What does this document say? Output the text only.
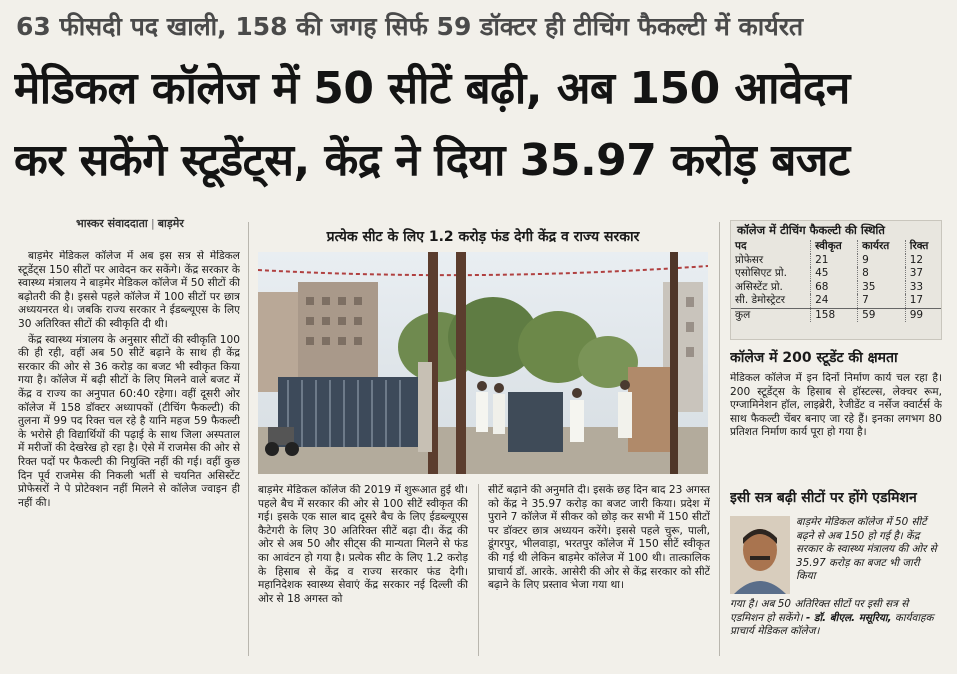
63 फीसदी पद खाली, 158 की जगह सिर्फ 59 डॉक्टर ही टीचिंग फैकल्टी में कार्यरत
मेडिकल कॉलेज में 50 सीटें बढ़ी, अब 150 आवेदन
कर सकेंगे स्टूडेंट्स, केंद्र ने दिया 35.97 करोड़ बजट
भास्कर संवाददाता | बाड़मेर

बाड़मेर मेडिकल कॉलेज में अब इस सत्र से मेडिकल स्टूडेंट्स 150 सीटों पर आवेदन कर सकेंगे। केंद्र सरकार के स्वास्थ्य मंत्रालय ने बाड़मेर मेडिकल कॉलेज में 50 सीटों की बढ़ोतरी की है। इससे पहले कॉलेज में 100 सीटों पर छात्र अध्ययनरत थे। जबकि राज्य सरकार ने ईडब्ल्यूएस के लिए 30 अतिरिक्त सीटों की स्वीकृति दी थी।

केंद्र स्वास्थ्य मंत्रालय के अनुसार सीटों की स्वीकृति 100 की ही रही, वहीं अब 50 सीटें बढ़ाने के साथ ही केंद्र सरकार की ओर से 36 करोड़ का बजट भी स्वीकृत किया गया है। कॉलेज में बढ़ी सीटों के लिए मिलने वाले बजट में केंद्र व राज्य का अनुपात 60:40 रहेगा। वहीं दूसरी ओर कॉलेज में 158 डॉक्टर अध्यापकों (टीचिंग फैकल्टी) की तुलना में 99 पद रिक्त चल रहे है यानि महज 59 फैकल्टी के भरोसे ही विद्यार्थियों की पढ़ाई के साथ जिला अस्पताल में मरीजों की देखरेख हो रहा है। ऐसे में राजमेस की ओर से रिक्त पदों पर फैकल्टी की नियुक्ति नहीं की गई। वहीं कुछ दिन पूर्व राजमेस की निकली भर्ती से चयनित असिस्टेंट प्रोफेसरों ने पे प्रोटेक्शन नहीं मिलने से कॉलेज ज्वाइन ही नहीं की।

प्रत्येक सीट के लिए 1.2 करोड़ फंड देगी केंद्र व राज्य सरकार

बाड़मेर मेडिकल कॉलेज की 2019 में शुरूआत हुई थी। पहले बैच में सरकार की ओर से 100 सीटें स्वीकृत की गई। इसके एक साल बाद दूसरे बैच के लिए ईडब्ल्यूएस कैटेगरी के लिए 30 अतिरिक्त सीटें बढ़ा दी। केंद्र की ओर से अब 50 और सीट्स की मान्यता मिलने से फंड का आवंटन हो गया है। प्रत्येक सीट के लिए 1.2 करोड़ के हिसाब से केंद्र व राज्य सरकार फंड देगी। महानिदेशक स्वास्थ्य सेवाएं केंद्र सरकार नई दिल्ली की ओर से 18 अगस्त को

सीटें बढ़ाने की अनुमति दी। इसके छह दिन बाद 23 अगस्त को केंद्र ने 35.97 करोड़ का बजट जारी किया। प्रदेश में पुराने 7 कॉलेज में सीकर को छोड़ कर सभी में 150 सीटों पर डॉक्टर छात्र अध्ययन करेंगे। इससे पहले चुरू, पाली, डूंगरपुर, भीलवाड़ा, भरतपुर कॉलेज में 150 सीटें स्वीकृत की गई थी लेकिन बाड़मेर कॉलेज में 100 थी। तात्कालिक प्राचार्य डॉ. आरके. आसेरी की ओर से केंद्र सरकार को सीटें बढ़ाने के लिए प्रस्ताव भेजा गया था।

कॉलेज में टीचिंग फैकल्टी की स्थिति
पद	स्वीकृत	कार्यरत	रिक्त
प्रोफेसर	21	9	12
एसोसिएट प्रो.	45	8	37
असिस्टेंट प्रो.	68	35	33
सी. डेमोस्ट्रेटर	24	7	17
कुल	158	59	99
कॉलेज में 200 स्टूडेंट की क्षमता

मेडिकल कॉलेज में इन दिनों निर्माण कार्य चल रहा है। 200 स्टूडेंट्स के हिसाब से हॉस्टल्स, लेक्चर रूम, एग्जामिनेशन हॉल, लाइब्रेरी, रेजीडेंट व नर्सेज क्वार्टर्स के साथ फैकल्टी चेंबर बनाए जा रहे हैं। इनका लगभग 80 प्रतिशत निर्माण कार्य पूरा हो गया है।

इसी सत्र बढ़ी सीटों पर होंगे एडमिशन
बाड़मेर मेडिकल कॉलेज में 50 सीटें बढ़ने से अब 150 हो गई है। केंद्र सरकार के स्वास्थ्य मंत्रालय की ओर से 35.97 करोड़ का बजट भी जारी किया
गया है। अब 50 अतिरिक्त सीटों पर इसी सत्र से एडमिशन हो सकेंगे। - डॉ. बीएल. मसूरिया, कार्यवाहक प्राचार्य मेडिकल कॉलेज।
